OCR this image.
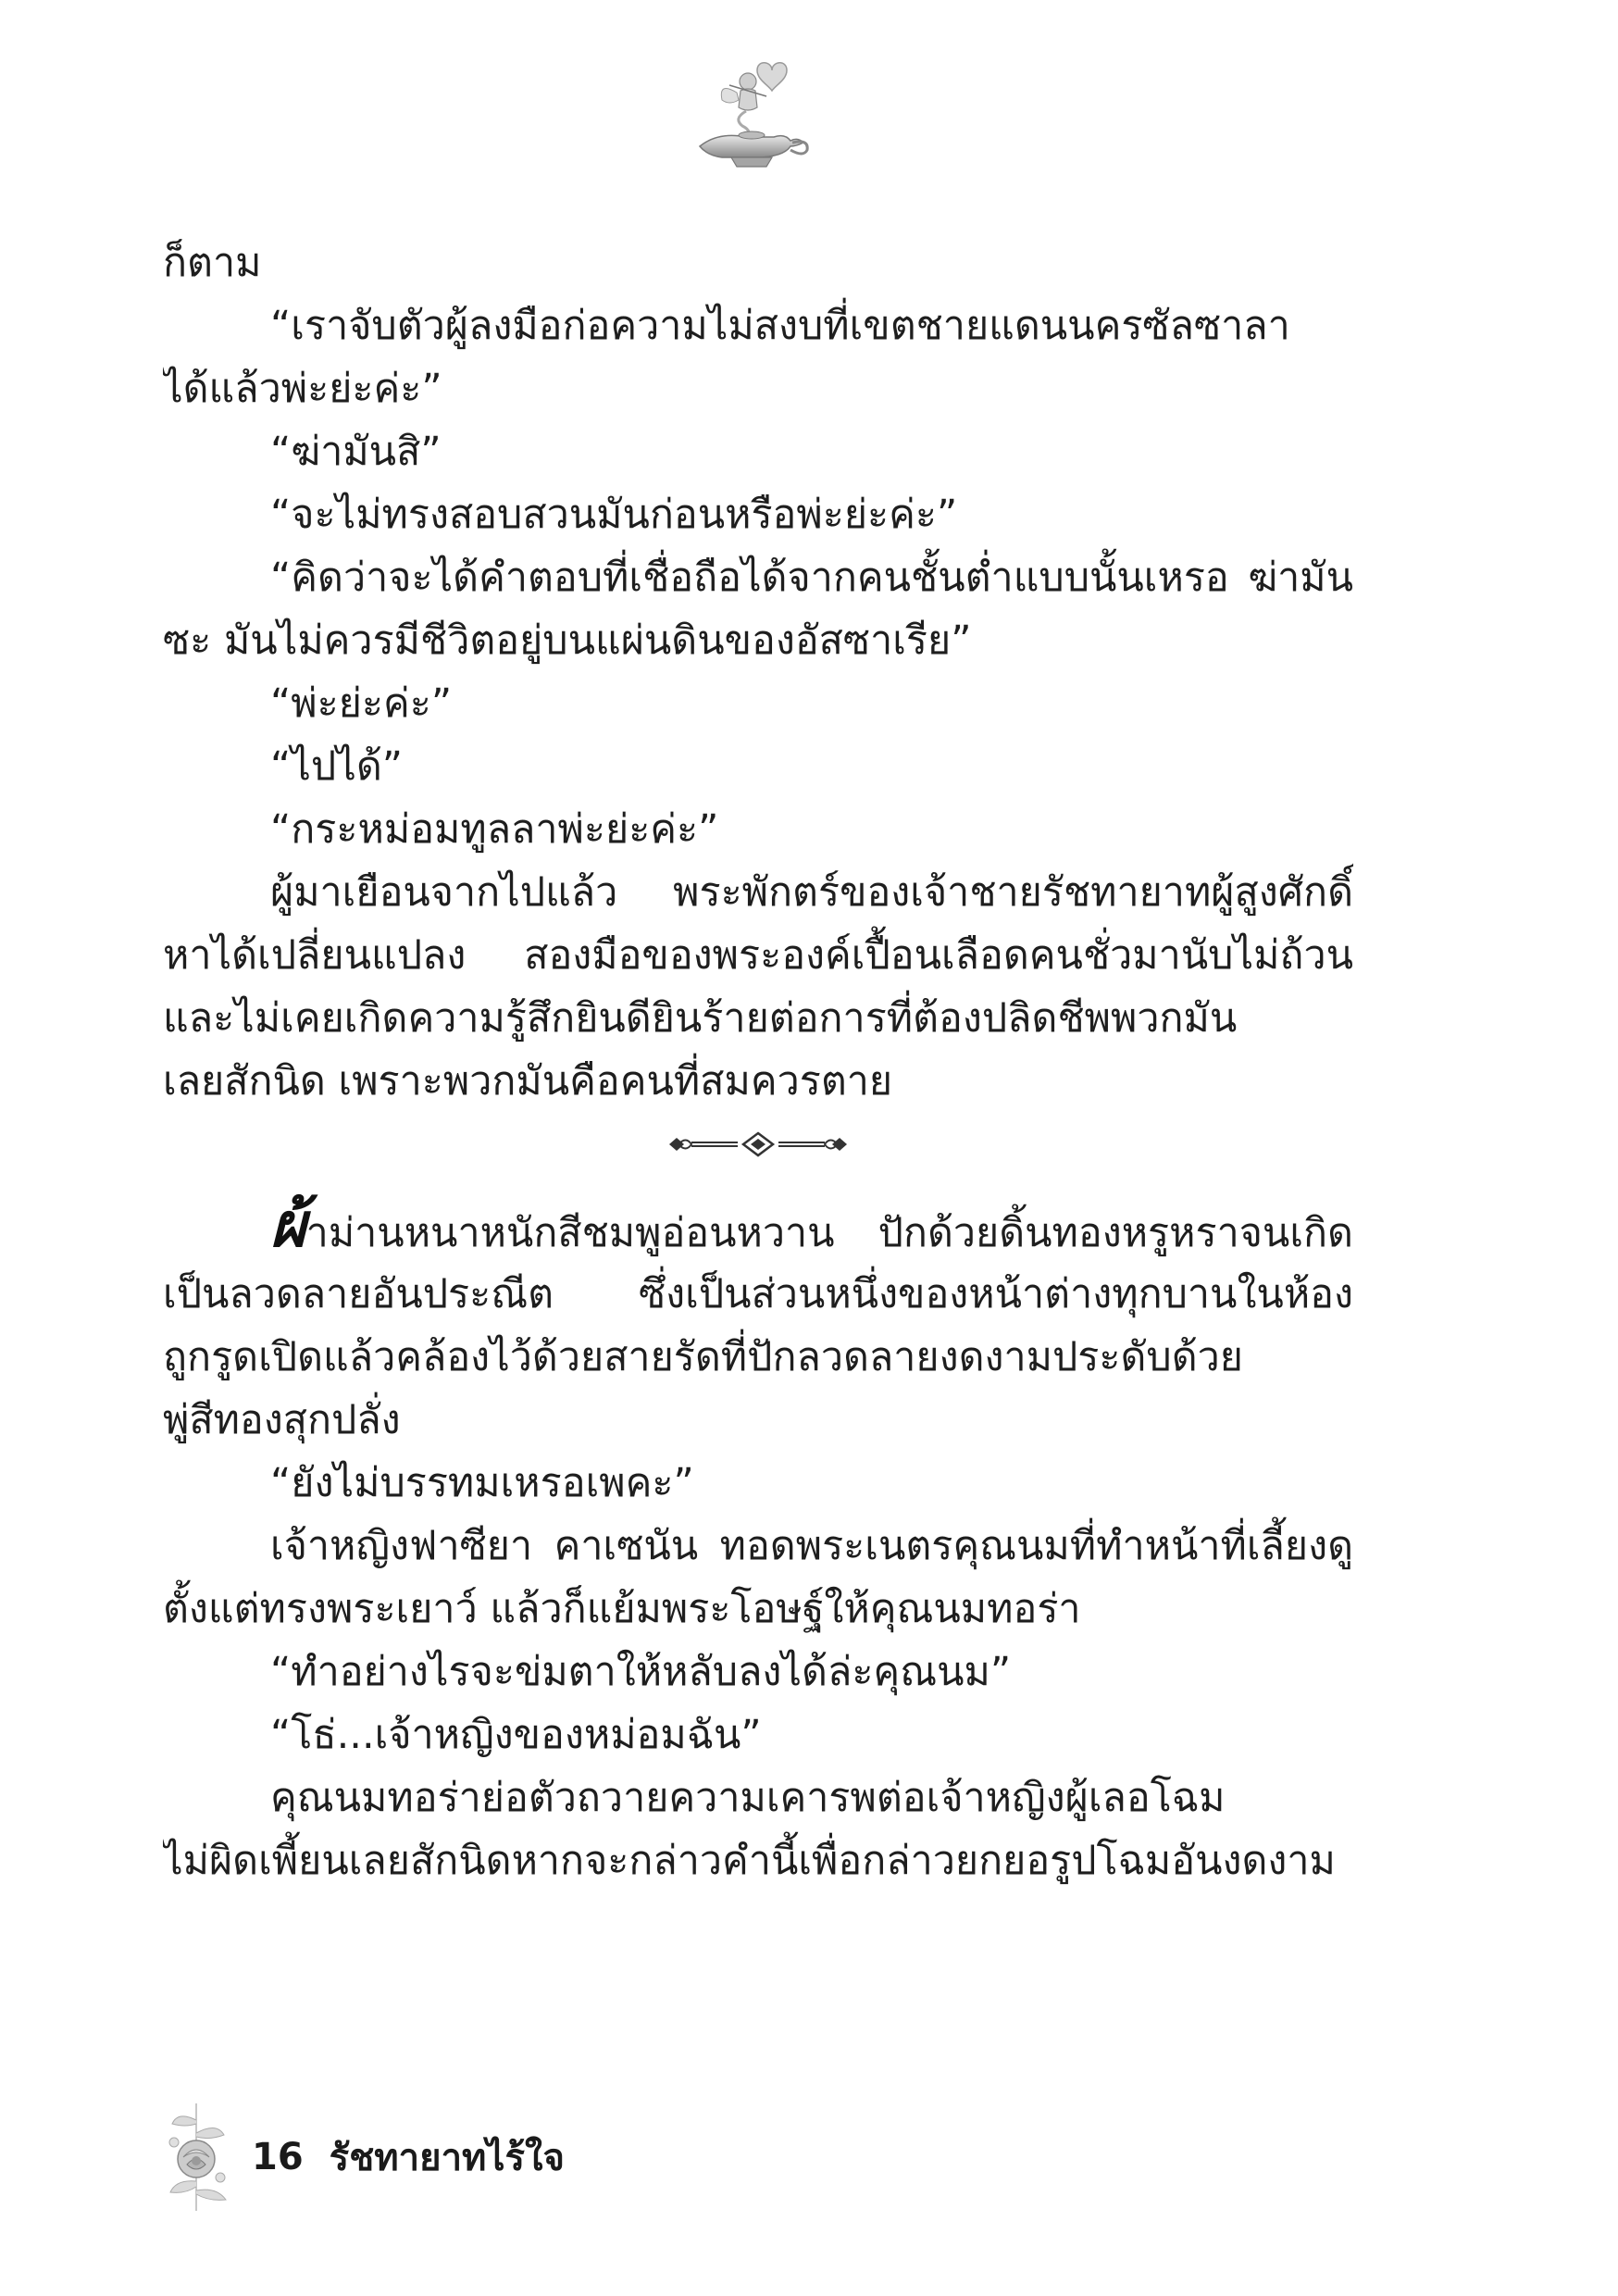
ก็ตาม
“เราจับตัวผู้ลงมือก่อความไม่สงบที่เขตชายแดนนครซัลซาลา
ได้แล้วพ่ะย่ะค่ะ”
“ฆ่ามันสิ”
“จะไม่ทรงสอบสวนมันก่อนหรือพ่ะย่ะค่ะ”
“คิดว่าจะได้คำตอบที่เชื่อถือได้จากคนชั้นต่ำแบบนั้นเหรอ ฆ่ามัน
ซะ มันไม่ควรมีชีวิตอยู่บนแผ่นดินของอัสซาเรีย”
“พ่ะย่ะค่ะ”
“ไปได้”
“กระหม่อมทูลลาพ่ะย่ะค่ะ”
ผู้มาเยือนจากไปแล้ว พระพักตร์ของเจ้าชายรัชทายาทผู้สูงศักดิ์
หาได้เปลี่ยนแปลง สองมือของพระองค์เปื้อนเลือดคนชั่วมานับไม่ถ้วน
และไม่เคยเกิดความรู้สึกยินดียินร้ายต่อการที่ต้องปลิดชีพพวกมัน
เลยสักนิด เพราะพวกมันคือคนที่สมควรตาย
ผ้าม่านหนาหนักสีชมพูอ่อนหวาน ปักด้วยดิ้นทองหรูหราจนเกิด
เป็นลวดลายอันประณีต ซึ่งเป็นส่วนหนึ่งของหน้าต่างทุกบานในห้อง
ถูกรูดเปิดแล้วคล้องไว้ด้วยสายรัดที่ปักลวดลายงดงามประดับด้วย
พู่สีทองสุกปลั่ง
“ยังไม่บรรทมเหรอเพคะ”
เจ้าหญิงฟาซียา คาเซนัน ทอดพระเนตรคุณนมที่ทำหน้าที่เลี้ยงดู
ตั้งแต่ทรงพระเยาว์ แล้วก็แย้มพระโอษฐ์ให้คุณนมทอร่า
“ทำอย่างไรจะข่มตาให้หลับลงได้ล่ะคุณนม”
“โธ่...เจ้าหญิงของหม่อมฉัน”
คุณนมทอร่าย่อตัวถวายความเคารพต่อเจ้าหญิงผู้เลอโฉม
ไม่ผิดเพี้ยนเลยสักนิดหากจะกล่าวคำนี้เพื่อกล่าวยกยอรูปโฉมอันงดงาม
16 รัชทายาทไร้ใจ
